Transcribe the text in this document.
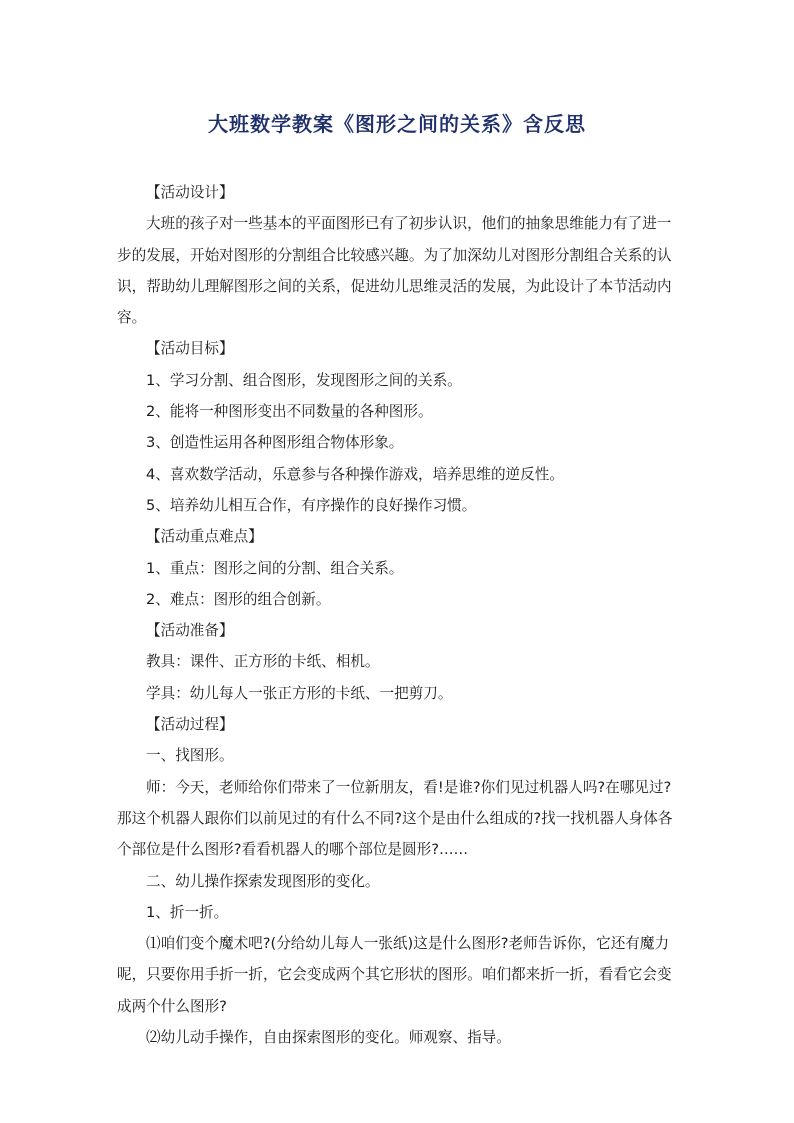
大班数学教案《图形之间的关系》含反思

【活动设计】

大班的孩子对一些基本的平面图形已有了初步认识，他们的抽象思维能力有了进一步的发展，开始对图形的分割组合比较感兴趣。为了加深幼儿对图形分割组合关系的认识，帮助幼儿理解图形之间的关系，促进幼儿思维灵活的发展，为此设计了本节活动内容。

【活动目标】

1、学习分割、组合图形，发现图形之间的关系。

2、能将一种图形变出不同数量的各种图形。

3、创造性运用各种图形组合物体形象。

4、喜欢数学活动，乐意参与各种操作游戏，培养思维的逆反性。

5、培养幼儿相互合作，有序操作的良好操作习惯。

【活动重点难点】

1、重点：图形之间的分割、组合关系。

2、难点：图形的组合创新。

【活动准备】

教具：课件、正方形的卡纸、相机。

学具：幼儿每人一张正方形的卡纸、一把剪刀。

【活动过程】

一、找图形。

师：今天，老师给你们带来了一位新朋友，看!是谁?你们见过机器人吗?在哪见过?那这个机器人跟你们以前见过的有什么不同?这个是由什么组成的?找一找机器人身体各个部位是什么图形?看看机器人的哪个部位是圆形?……

二、幼儿操作探索发现图形的变化。

1、折一折。

⑴咱们变个魔术吧?(分给幼儿每人一张纸)这是什么图形?老师告诉你，它还有魔力呢，只要你用手折一折，它会变成两个其它形状的图形。咱们都来折一折，看看它会变成两个什么图形?

⑵幼儿动手操作，自由探索图形的变化。师观察、指导。
